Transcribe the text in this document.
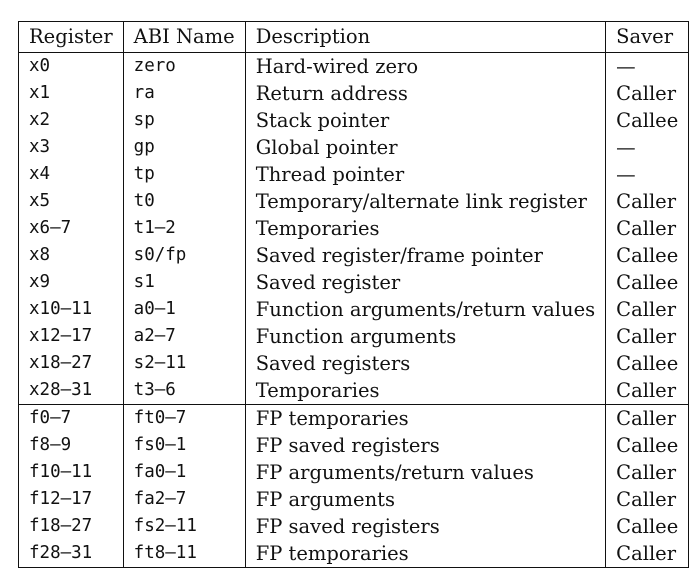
Register	ABI Name	Description	Saver
x0	zero	Hard-wired zero	—
x1	ra	Return address	Caller
x2	sp	Stack pointer	Callee
x3	gp	Global pointer	—
x4	tp	Thread pointer	—
x5	t0	Temporary/alternate link register	Caller
x6–7	t1–2	Temporaries	Caller
x8	s0/fp	Saved register/frame pointer	Callee
x9	s1	Saved register	Callee
x10–11	a0–1	Function arguments/return values	Caller
x12–17	a2–7	Function arguments	Caller
x18–27	s2–11	Saved registers	Callee
x28–31	t3–6	Temporaries	Caller
f0–7	ft0–7	FP temporaries	Caller
f8–9	fs0–1	FP saved registers	Callee
f10–11	fa0–1	FP arguments/return values	Caller
f12–17	fa2–7	FP arguments	Caller
f18–27	fs2–11	FP saved registers	Callee
f28–31	ft8–11	FP temporaries	Caller
